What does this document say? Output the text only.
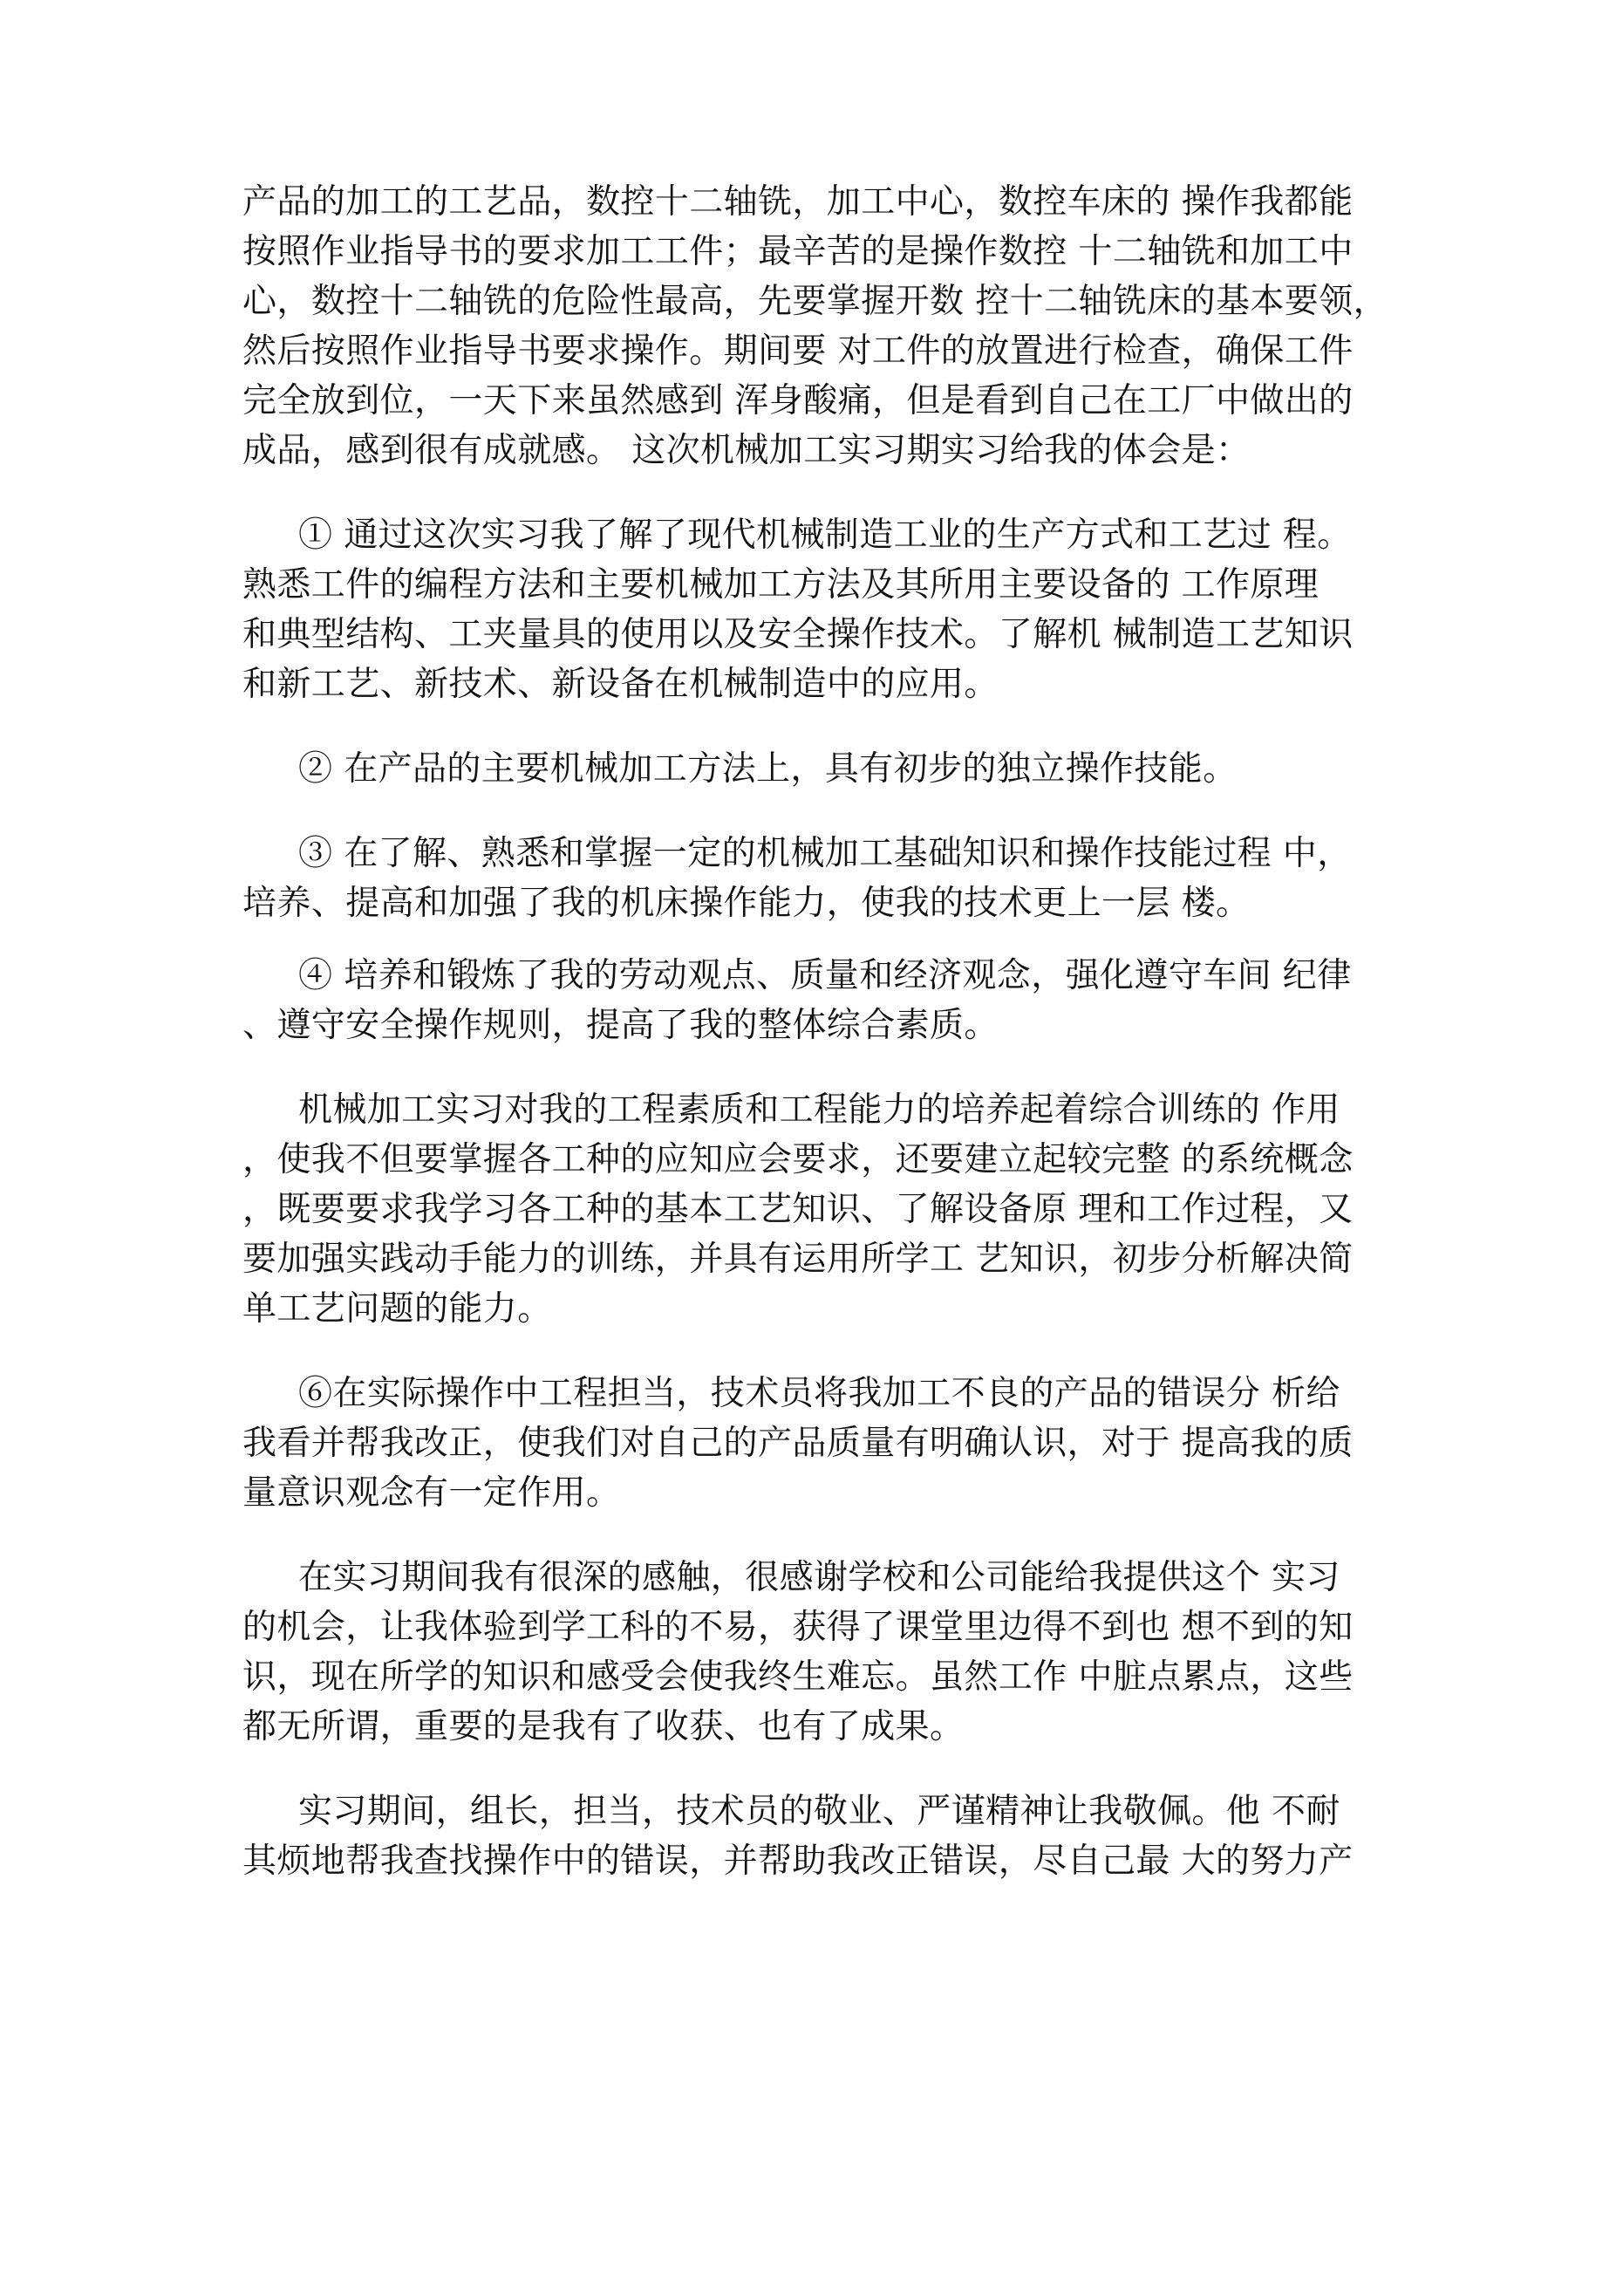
产品的加工的工艺品，数控十二轴铣，加工中心，数控车床的 操作我都能
按照作业指导书的要求加工工件；最辛苦的是操作数控 十二轴铣和加工中
心，数控十二轴铣的危险性最高，先要掌握开数 控十二轴铣床的基本要领，
然后按照作业指导书要求操作。期间要 对工件的放置进行检查，确保工件
完全放到位，一天下来虽然感到 浑身酸痛，但是看到自己在工厂中做出的
成品，感到很有成就感。 这次机械加工实习期实习给我的体会是：

① 通过这次实习我了解了现代机械制造工业的生产方式和工艺过 程。
熟悉工件的编程方法和主要机械加工方法及其所用主要设备的 工作原理
和典型结构、工夹量具的使用以及安全操作技术。了解机 械制造工艺知识
和新工艺、新技术、新设备在机械制造中的应用。

② 在产品的主要机械加工方法上，具有初步的独立操作技能。

③ 在了解、熟悉和掌握一定的机械加工基础知识和操作技能过程 中，
培养、提高和加强了我的机床操作能力，使我的技术更上一层 楼。

④ 培养和锻炼了我的劳动观点、质量和经济观念，强化遵守车间 纪律
、遵守安全操作规则，提高了我的整体综合素质。

机械加工实习对我的工程素质和工程能力的培养起着综合训练的 作用
，使我不但要掌握各工种的应知应会要求，还要建立起较完整 的系统概念
，既要要求我学习各工种的基本工艺知识、了解设备原 理和工作过程，又
要加强实践动手能力的训练，并具有运用所学工 艺知识，初步分析解决简
单工艺问题的能力。

⑥在实际操作中工程担当，技术员将我加工不良的产品的错误分 析给
我看并帮我改正，使我们对自己的产品质量有明确认识，对于 提高我的质
量意识观念有一定作用。

在实习期间我有很深的感触，很感谢学校和公司能给我提供这个 实习
的机会，让我体验到学工科的不易，获得了课堂里边得不到也 想不到的知
识，现在所学的知识和感受会使我终生难忘。虽然工作 中脏点累点，这些
都无所谓，重要的是我有了收获、也有了成果。

实习期间，组长，担当，技术员的敬业、严谨精神让我敬佩。他 不耐
其烦地帮我查找操作中的错误，并帮助我改正错误，尽自己最 大的努力产
